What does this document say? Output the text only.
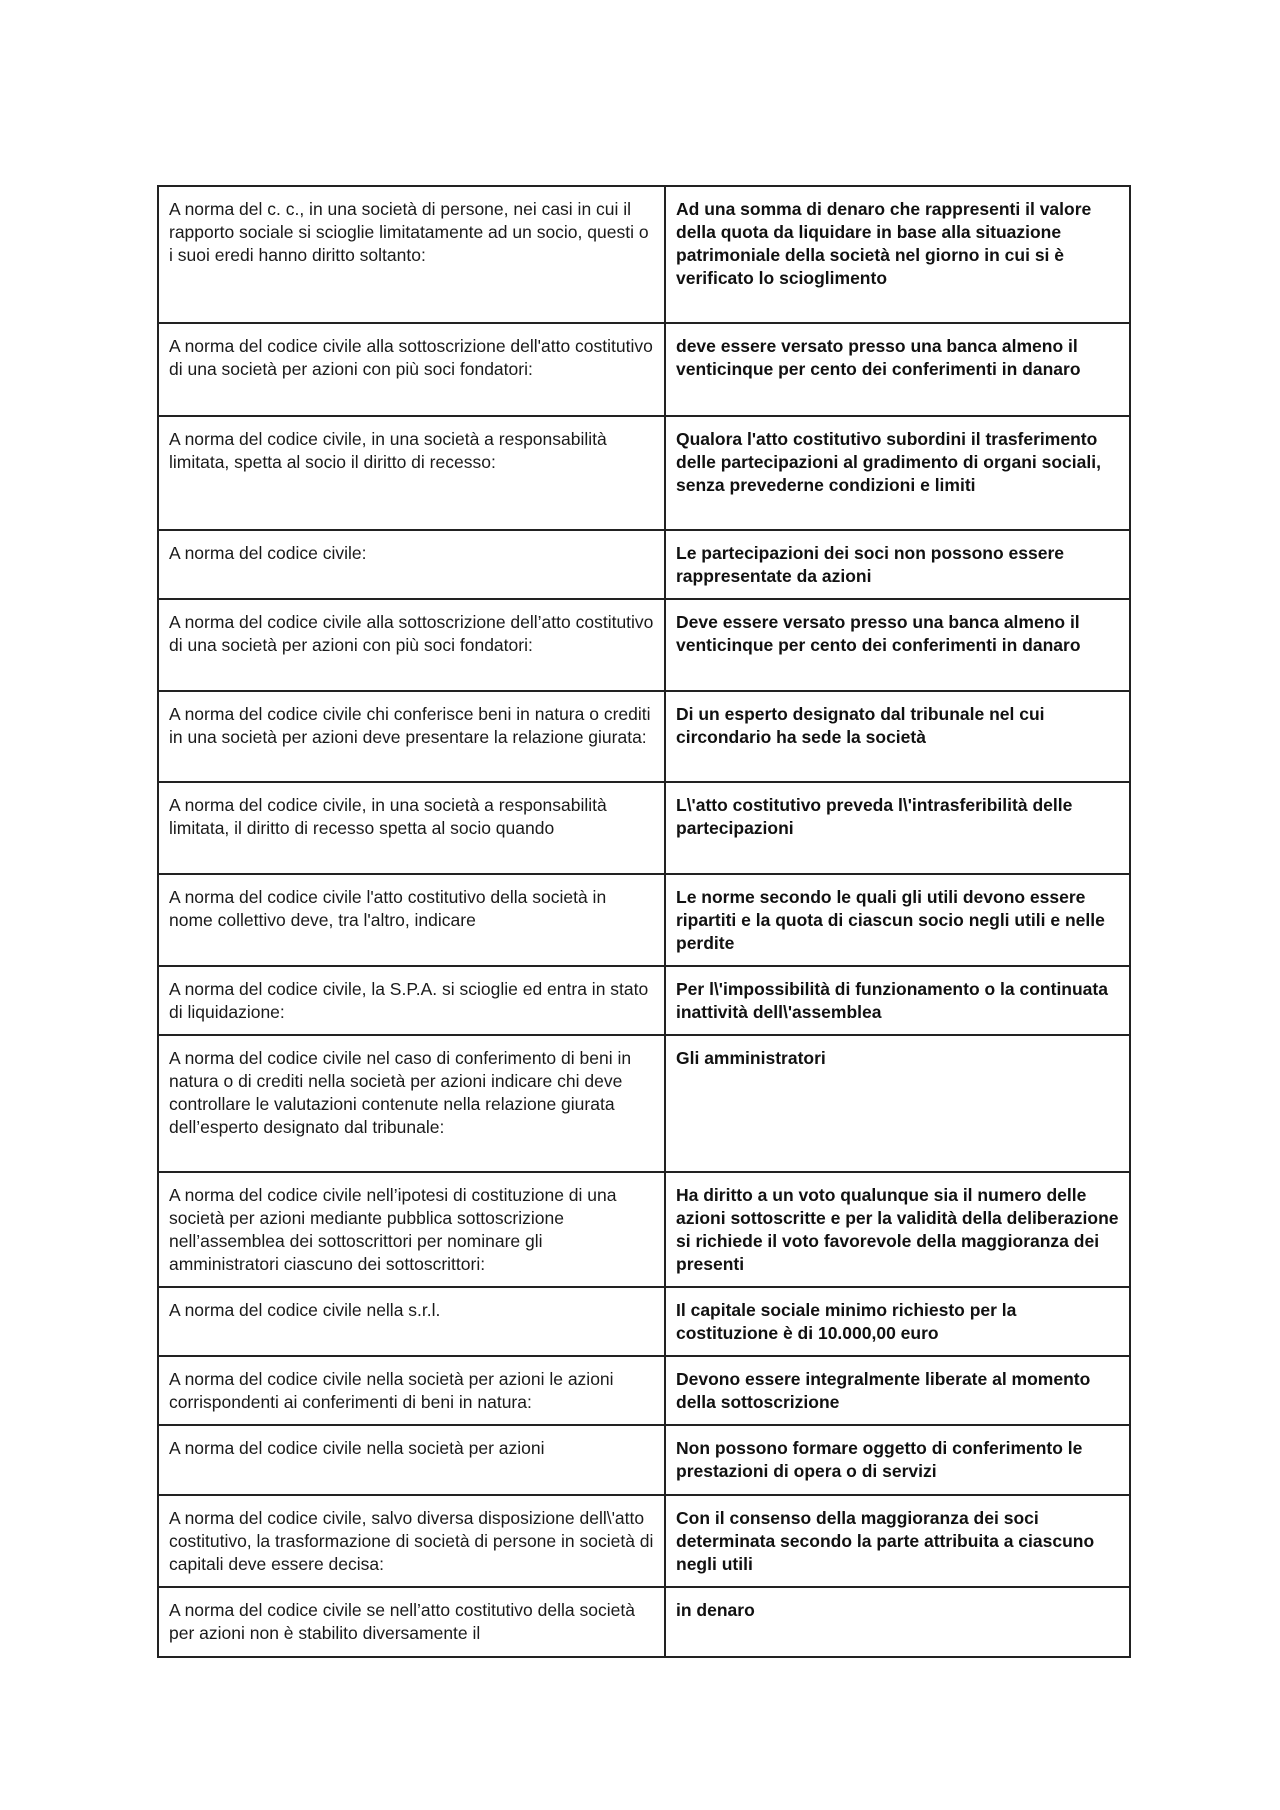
A norma del c. c., in una società di persone, nei casi in cui il rapporto sociale si scioglie limitatamente ad un socio, questi o i suoi eredi hanno diritto soltanto:	Ad una somma di denaro che rappresenti il valore della quota da liquidare in base alla situazione patrimoniale della società nel giorno in cui si è verificato lo scioglimento
A norma del codice civile alla sottoscrizione dell'atto costitutivo di una società per azioni con più soci fondatori:	deve essere versato presso una banca almeno il venticinque per cento dei conferimenti in danaro
A norma del codice civile, in una società a responsabilità limitata, spetta al socio il diritto di recesso:	Qualora l'atto costitutivo subordini il trasferimento delle partecipazioni al gradimento di organi sociali, senza prevederne condizioni e limiti
A norma del codice civile:	Le partecipazioni dei soci non possono essere rappresentate da azioni
A norma del codice civile alla sottoscrizione dell’atto costitutivo di una società per azioni con più soci fondatori:	Deve essere versato presso una banca almeno il venticinque per cento dei conferimenti in danaro
A norma del codice civile chi conferisce beni in natura o crediti in una società per azioni deve presentare la relazione giurata:	Di un esperto designato dal tribunale nel cui circondario ha sede la società
A norma del codice civile, in una società a responsabilità limitata, il diritto di recesso spetta al socio quando	L\'atto costitutivo preveda l\'intrasferibilità delle partecipazioni
A norma del codice civile l'atto costitutivo della società in nome collettivo deve, tra l'altro, indicare	Le norme secondo le quali gli utili devono essere ripartiti e la quota di ciascun socio negli utili e nelle perdite
A norma del codice civile, la S.P.A. si scioglie ed entra in stato di liquidazione:	Per l\'impossibilità di funzionamento o la continuata inattività dell\'assemblea
A norma del codice civile nel caso di conferimento di beni in natura o di crediti nella società per azioni indicare chi deve controllare le valutazioni contenute nella relazione giurata dell’esperto designato dal tribunale:	Gli amministratori
A norma del codice civile nell’ipotesi di costituzione di una società per azioni mediante pubblica sottoscrizione nell’assemblea dei sottoscrittori per nominare gli amministratori ciascuno dei sottoscrittori:	Ha diritto a un voto qualunque sia il numero delle azioni sottoscritte e per la validità della deliberazione si richiede il voto favorevole della maggioranza dei presenti
A norma del codice civile nella s.r.l.	Il capitale sociale minimo richiesto per la costituzione è di 10.000,00 euro
A norma del codice civile nella società per azioni le azioni corrispondenti ai conferimenti di beni in natura:	Devono essere integralmente liberate al momento della sottoscrizione
A norma del codice civile nella società per azioni	Non possono formare oggetto di conferimento le prestazioni di opera o di servizi
A norma del codice civile, salvo diversa disposizione dell\'atto costitutivo, la trasformazione di società di persone in società di capitali deve essere decisa:	Con il consenso della maggioranza dei soci determinata secondo la parte attribuita a ciascuno negli utili
A norma del codice civile se nell’atto costitutivo della società per azioni non è stabilito diversamente il	in denaro
